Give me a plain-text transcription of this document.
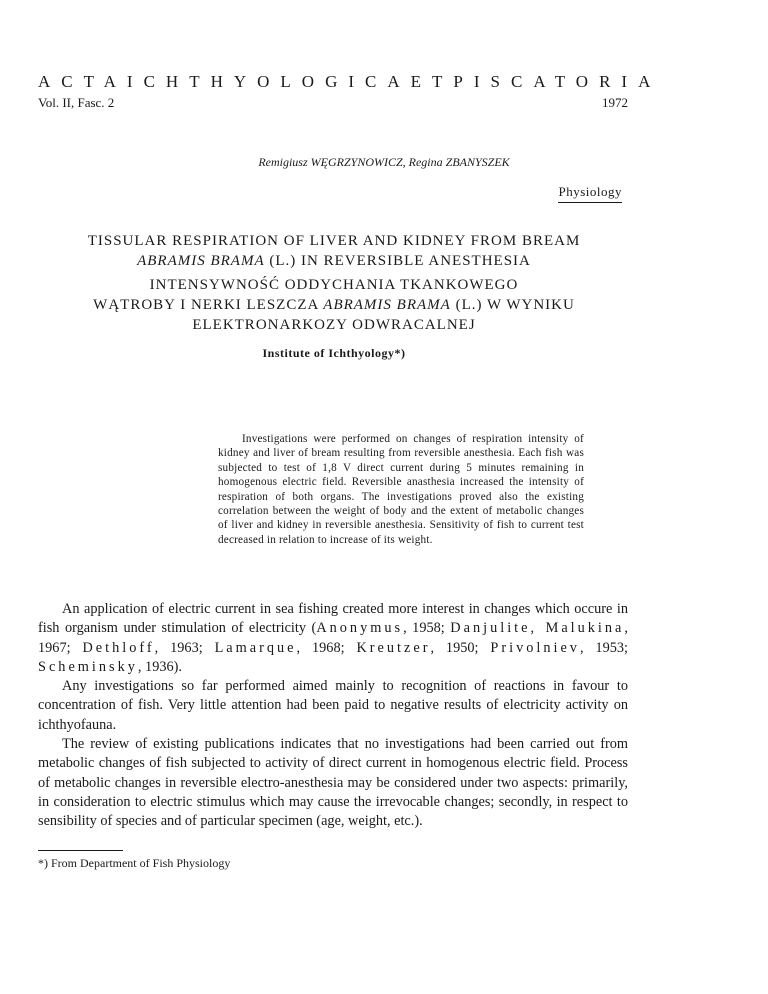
ACTA ICHTHYOLOGICA ET PISCATORIA
Vol. II, Fasc. 2	1972
Remigiusz WĘGRZYNOWICZ, Regina ZBANYSZEK
Physiology
TISSULAR RESPIRATION OF LIVER AND KIDNEY FROM BREAM
ABRAMIS BRAMA (L.) IN REVERSIBLE ANESTHESIA
INTENSYWNOŚĆ ODDYCHANIA TKANKOWEGO
WĄTROBY I NERKI LESZCZA ABRAMIS BRAMA (L.) W WYNIKU
ELEKTRONARKOZY ODWRACALNEJ
Institute of Ichthyology*)

Investigations were performed on changes of respiration intensity of kidney and liver of bream resulting from reversible anesthesia. Each fish was subjected to test of 1,8 V direct current during 5 minutes remaining in homogenous electric field. Reversible anasthesia increased the intensity of respiration of both organs. The investigations proved also the existing correlation between the weight of body and the extent of metabolic changes of liver and kidney in reversible anesthesia. Sensitivity of fish to current test decreased in relation to increase of its weight.

An application of electric current in sea fishing created more interest in changes which occure in fish organism under stimulation of electricity (Anonymus, 1958; Danjulite, Malukina, 1967; Dethloff, 1963; Lamarque, 1968; Kreutzer, 1950; Privolniev, 1953; Scheminsky, 1936).

Any investigations so far performed aimed mainly to recognition of reactions in favour to concentration of fish. Very little attention had been paid to negative results of electricity activity on ichthyofauna.

The review of existing publications indicates that no investigations had been carried out from metabolic changes of fish subjected to activity of direct current in homogenous electric field. Process of metabolic changes in reversible electro-anesthesia may be considered under two aspects: primarily, in consideration to electric stimulus which may cause the irrevocable changes; secondly, in respect to sensibility of species and of particular specimen (age, weight, etc.).

*) From Department of Fish Physiology
